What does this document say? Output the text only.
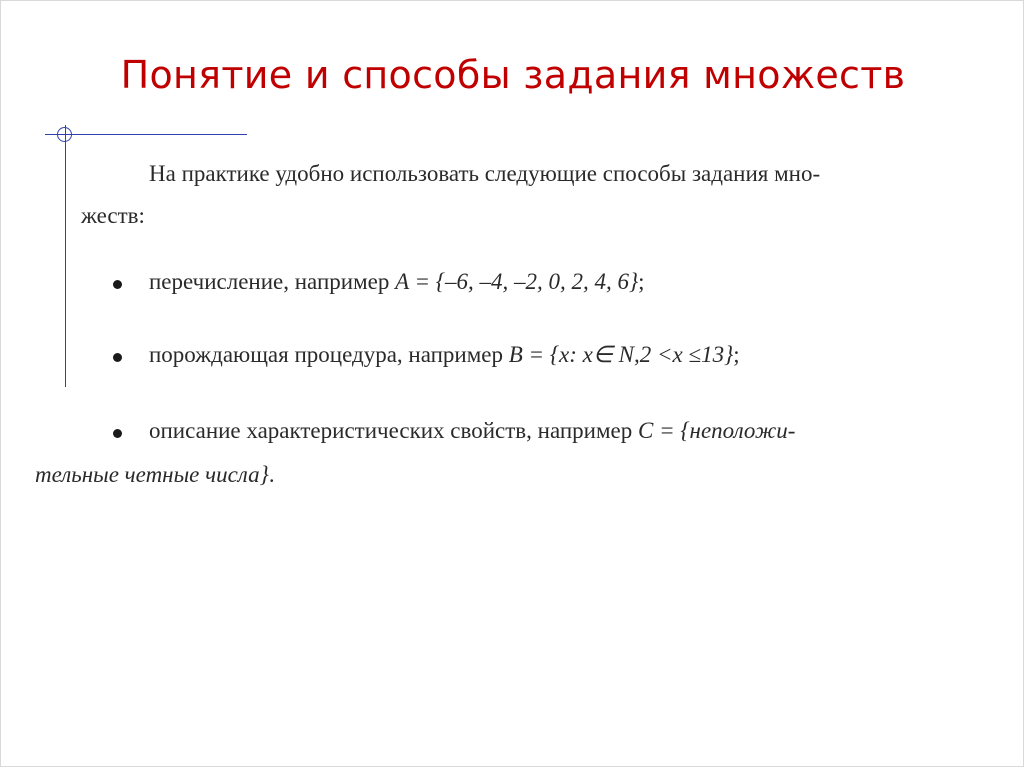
Понятие и способы задания множеств
На практике удобно использовать следующие способы задания мно-
жеств:
перечисление, например A = {–6, –4, –2, 0, 2, 4, 6};
порождающая процедура, например B = {x: x∈ N,2 <x ≤13};
описание характеристических свойств, например C = {неположи-
тельные четные числа}.
